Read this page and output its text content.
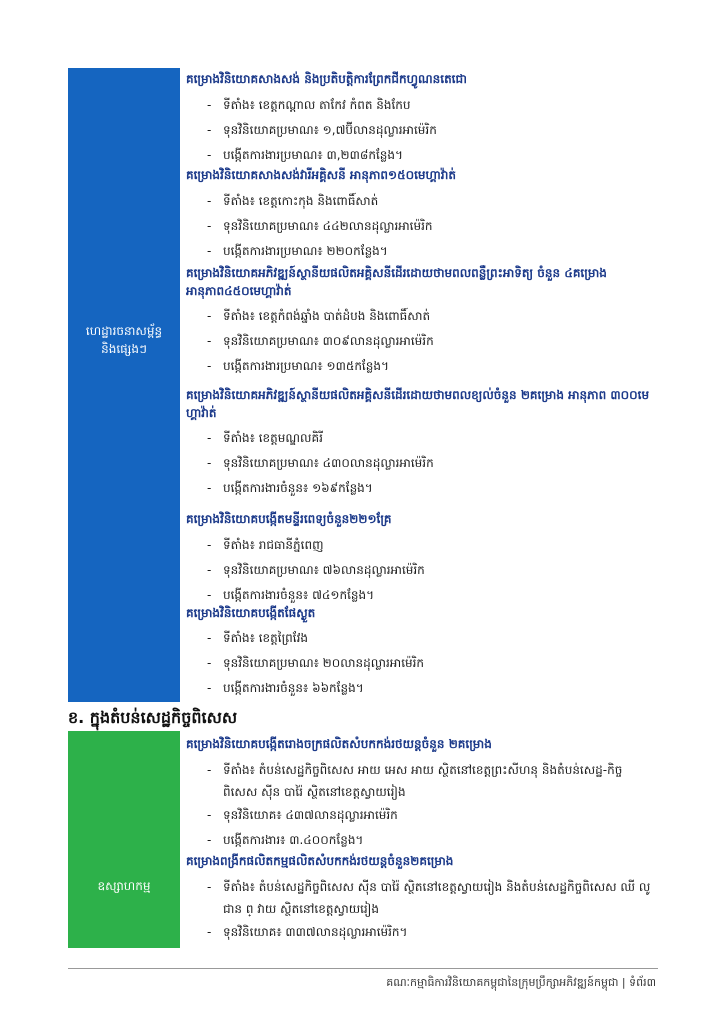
ហេដ្ឋារចនាសម្ព័ន្ធ
និងផ្សេងៗ

គម្រោងវិនិយោគសាងសង់ និងប្រតិបត្តិការព្រែកជីកហ្វូណនតេជោ

- ទីតាំង៖ ខេត្តកណ្តាល តាកែវ កំពត និងកែប

- ទុនវិនិយោគប្រមាណ៖ ១,៧ប៊ីលានដុល្លារអាម៉េរិក

- បង្កើតការងារប្រមាណ៖ ៣,២៣៨កន្លែង។

គម្រោងវិនិយោគសាងសង់វារីអគ្គិសនី អានុភាព១៥០មេហ្គាវ៉ាត់

- ទីតាំង៖ ខេត្តកោះកុង និងពោធិ៍សាត់

- ទុនវិនិយោគប្រមាណ៖ ៤៤២លានដុល្លារអាម៉េរិក

- បង្កើតការងារប្រមាណ៖ ២២០កន្លែង។

គម្រោងវិនិយោគអភិវឌ្ឍន៍ស្ថានីយផលិតអគ្គិសនីដើរដោយថាមពលពន្លឺព្រះអាទិត្យ ចំនួន ៤គម្រោង អានុភាព៤៥០មេហ្គាវ៉ាត់

- ទីតាំង៖ ខេត្តកំពង់ឆ្នាំង បាត់ដំបង និងពោធិ៍សាត់

- ទុនវិនិយោគប្រមាណ៖ ៣០៩លានដុល្លារអាម៉េរិក

- បង្កើតការងារប្រមាណ៖ ១៣៥កន្លែង។

គម្រោងវិនិយោគអភិវឌ្ឍន៍ស្ថានីយផលិតអគ្គិសនីដើរដោយថាមពលខ្យល់ចំនួន ២គម្រោង អានុភាព ៣០០មេហ្គាវ៉ាត់

- ទីតាំង៖ ខេត្តមណ្ឌលគិរី

- ទុនវិនិយោគប្រមាណ៖ ៤៣០លានដុល្លារអាម៉េរិក

- បង្កើតការងារចំនួន៖ ១៦៩កន្លែង។

គម្រោងវិនិយោគបង្កើតមន្ទីរពេទ្យចំនួន២២១គ្រែ

- ទីតាំង៖ រាជធានីភ្នំពេញ

- ទុនវិនិយោគប្រមាណ៖ ៧៦លានដុល្លារអាម៉េរិក

- បង្កើតការងារចំនួន៖ ៧៤១កន្លែង។

គម្រោងវិនិយោគបង្កើតផែស្ងួត

- ទីតាំង៖ ខេត្តព្រៃវែង

- ទុនវិនិយោគប្រមាណ៖ ២០លានដុល្លារអាម៉េរិក

- បង្កើតការងារចំនួន៖ ៦៦កន្លែង។

ខ. ក្នុងតំបន់សេដ្ឋកិច្ចពិសេស
ឧស្សាហកម្ម

គម្រោងវិនិយោគបង្កើតរោងចក្រផលិតសំបកកង់រថយន្តចំនួន ២គម្រោង

- ទីតាំង៖ តំបន់សេដ្ឋកិច្ចពិសេស អាយ អេស អាយ ស្ថិតនៅខេត្តព្រះសីហនុ និងតំបន់សេដ្ឋ-កិច្ចពិសេស ស៊ីន បារ៉ៃ ស្ថិតនៅខេត្តស្វាយរៀង

- ទុនវិនិយោគ៖ ៤៣៧លានដុល្លារអាម៉េរិក

- បង្កើតការងារ៖ ៣.៤០០កន្លែង។

គម្រោងពង្រីកផលិតកម្មផលិតសំបកកង់រថយន្តចំនួន២គម្រោង

- ទីតាំង៖ តំបន់សេដ្ឋកិច្ចពិសេស ស៊ីន បារ៉ៃ ស្ថិតនៅខេត្តស្វាយរៀង និងតំបន់សេដ្ឋកិច្ចពិសេស ឈី លូ ជាន ព្ វាយ ស្ថិតនៅខេត្តស្វាយរៀង

- ទុនវិនិយោគ៖ ៣៣៧លានដុល្លារអាម៉េរិក។

គណៈកម្មាធិការវិនិយោគកម្ពុជានៃក្រុមប្រឹក្សាអភិវឌ្ឍន៍កម្ពុជា | ទំព័រ៣
